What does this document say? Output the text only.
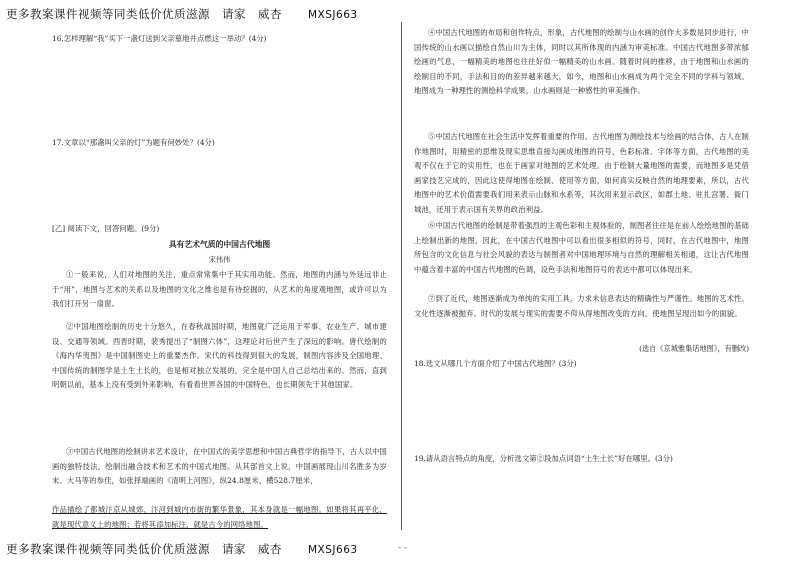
更多教案课件视频等同类低价优质滋源　请家　威杏 MXSJ663
16.怎样理解“我”买下一盏灯送到父亲墓地并点燃这一举动？(4分)
17.文章以“那盏叫父亲的灯”为题有何妙处？(4分)
[乙] 阅读下文，回答问题。(9分)
具有艺术气质的中国古代地图
宋伟伟
①一般来说，人们对地图的关注，重点常常集中于其实用功能。然而，地图的内涵与外延远非止于“用”，地图与艺术的关系以及地图的文化之维也是有待挖掘的，从艺术的角度观地图，或许可以为我们打开另一扇窗。
②中国地图绘制的历史十分悠久，在春秋战国时期，地图就广泛运用于军事、农业生产、城市建设、交通等领域。西晋时期，裴秀提出了“制图六体”，这理论对后世产生了深远的影响。唐代绘制的《海内华夷图》是中国制图史上的重要杰作。宋代的科技得到很大的发展，制图内容涉及全国地理、中国传统的制图学是土生土长的，也是相对独立发展的，完全是中国人自己总结出来的。然而，直到明朝以前，基本上没有受到外来影响，有看看世界各国的中国特色，也长期领先于其他国家。
③中国古代地图的绘制讲求艺术设计，在中国式的美学思想和中国古典哲学的指导下，古人以中国画的独特技法，绘制出融合技术和艺术的中国式地图。从其部首文上说，中国画展现山川名胜多为岁末、大马等的参佳，如张择端画的《清明上河图》，纵24.8厘米，横528.7厘米，
作品描绘了都城汴京从城郊、汴河到城内市街的繁华景象，其本身就是一幅地图。如果将其再平化，就是现代意义上的地图；若将其添加标注，就是古今的网络地图。
④中国古代地图的布局和创作特点，形象，古代地图的绘制与山水画的创作大多数是同步进行，中国传统的山水画以描绘自然山川为主体，同时以其所体现的内涵为审美标准。中国古代地图多带浓郁绘画的气息，一幅精美的地图也往往好似一幅精美的山水画。随着时间的推移，由于地图和山水画的绘制目的不同，手法和目的的差异越来越大，如今，地图和山水画成为两个完全不同的学科与领域。地图成为一种理性的测绘科学成果，山水画则是一种感性的审美操作。
⑤中国古代地图在社会生活中发挥着重要的作用。古代地图为测绘技术与绘画的结合体，古人在制作地图时，用精密的思维及现实思维直接勾画成地图的符号，色彩标准、字体等方面，古代地图的美观不仅在于它的实用性，也在于画家对地图的艺术处理。由于绘制大量地图的需要，而地图多是凭借画家技艺完成的，因此这使得地图在绘制、使用等方面，如何真实反映自然的地理要素，所以，古代地图中的艺术价值需要我们用来表示山脉和水系等，其次用来显示政区，如郡土地、驻扎宫署、衙门城池，还用于表示国有关界的政治利益。
⑥中国古代地图的绘制是带着强烈的主观色彩和主观体验的，制图者往往是在前人绘绘地图的基础上绘制出新的地图，因此，在中国古代地图中可以看出很多相似的符号，同时，在古代地图中，地图所包含的文化信息与社会风貌的表达与制图者对中国地理环境与自然的理解相关相通，这让古代地图中蕴含着丰富的中国古代地图的色调，设色手法和地图符号的表达中都可以体现出来。
⑦到了近代，地图逐渐成为单纯的实用工具，力求未信息表达的精确性与严谨性。地图的艺术性、文化性逐渐被抛弃。时代的发展与现实的需要不仰从得地图改变的方向，使地图呈现出如今的面貌。
(选自《京城雅集话地图》，有删改)
18.选文从哪几个方面介绍了中国古代地图？(3分)
19.请从语言特点的角度，分析选文第②段加点词语“土生土长”好在哪里。(3分)
更多教案课件视频等同类低价优质滋源　请家　威杏 MXSJ663	- -
